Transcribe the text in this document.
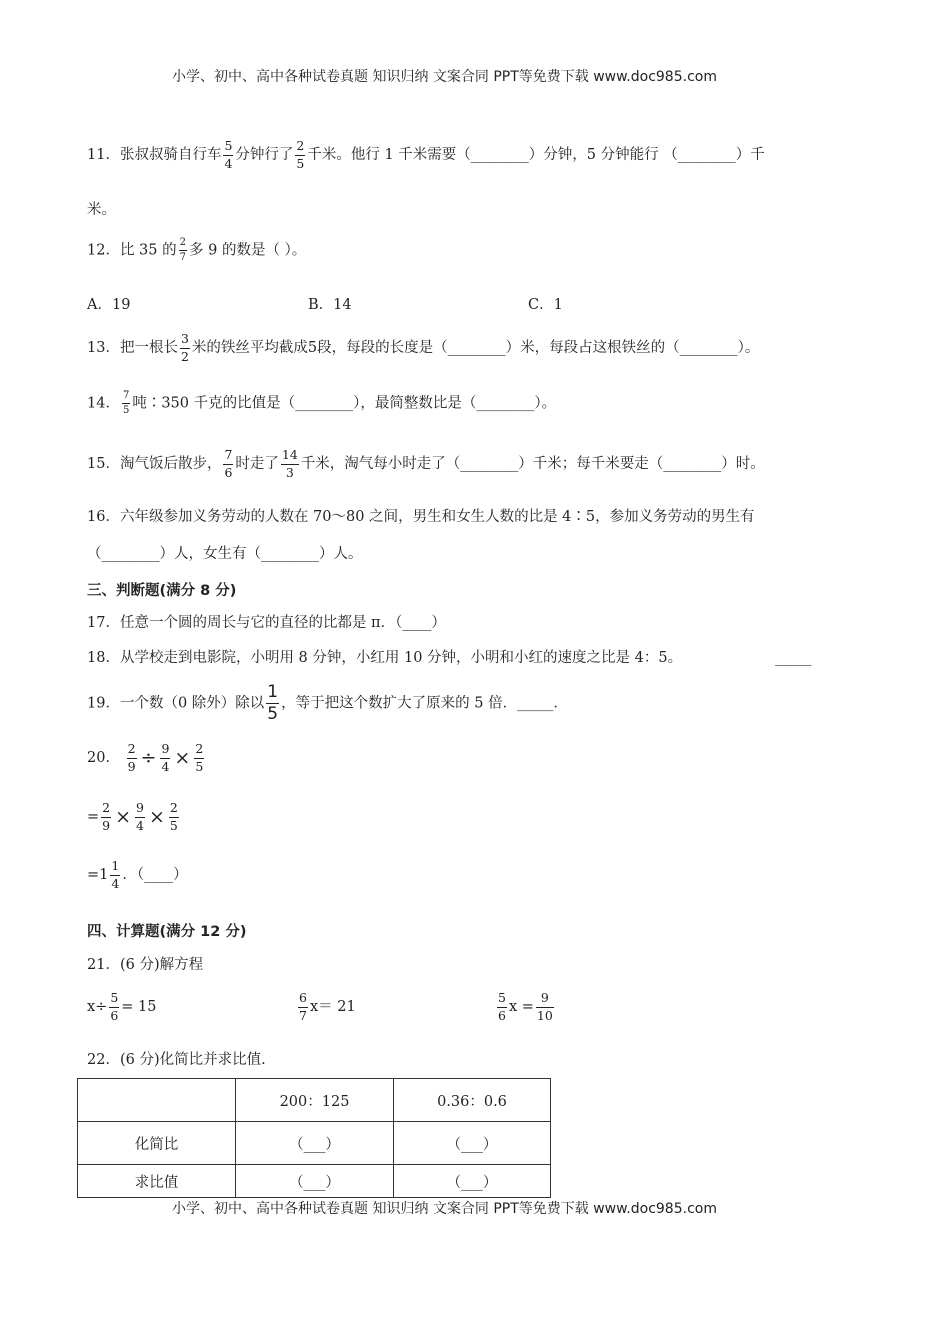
小学、初中、高中各种试卷真题 知识归纳 文案合同 PPT等免费下载 www.doc985.com
11．张叔叔骑自行车 $\frac{5}{4}$ 分钟行了 $\frac{2}{5}$ 千米。他行 1 千米需要（________）分钟，5 分钟能行 （________）千
米。
12．比 35 的 $\frac{2}{7}$ 多 9 的数是（ ）。
A．19	B．14	C．1
13．把一根长 $\frac{3}{2}$ 米的铁丝平均截成5段，每段的长度是（________）米，每段占这根铁丝的（________）。
14． $\frac{7}{5}$ 吨∶350 千克的比值是（________），最简整数比是（________）。
15．淘气饭后散步， $\frac{7}{6}$ 时走了 $\frac{14}{3}$ 千米，淘气每小时走了（________）千米；每千米要走（________）时。
16．六年级参加义务劳动的人数在 70～80 之间，男生和女生人数的比是 4∶5，参加义务劳动的男生有
（________）人，女生有（________）人。
三、判断题(满分 8 分)
17．任意一个圆的周长与它的直径的比都是 π．（____）
18．从学校走到电影院，小明用 8 分钟，小红用 10 分钟，小明和小红的速度之比是 4：5。	_____
19．一个数（0 除外）除以 $\frac{1}{5}$ ，等于把这个数扩大了原来的 5 倍．_____．
20． $\frac{2}{9} \div \frac{9}{4} \times \frac{2}{5}$
= $\frac{2}{9} \times \frac{9}{4} \times \frac{2}{5}$
$=1 \frac{1}{4}$ ．（____）
四、计算题(满分 12 分)
21．(6 分)解方程
$x\div \frac{5}{6} = 15$	$\frac{6}{7} x= 21$	$\frac{5}{6}$ $x = \frac{9}{10}$
22．(6 分)化简比并求比值.
	200：125	0.36：0.6
化简比	（___）	（___）
求比值	（___）	（___）
小学、初中、高中各种试卷真题 知识归纳 文案合同 PPT等免费下载 www.doc985.com
